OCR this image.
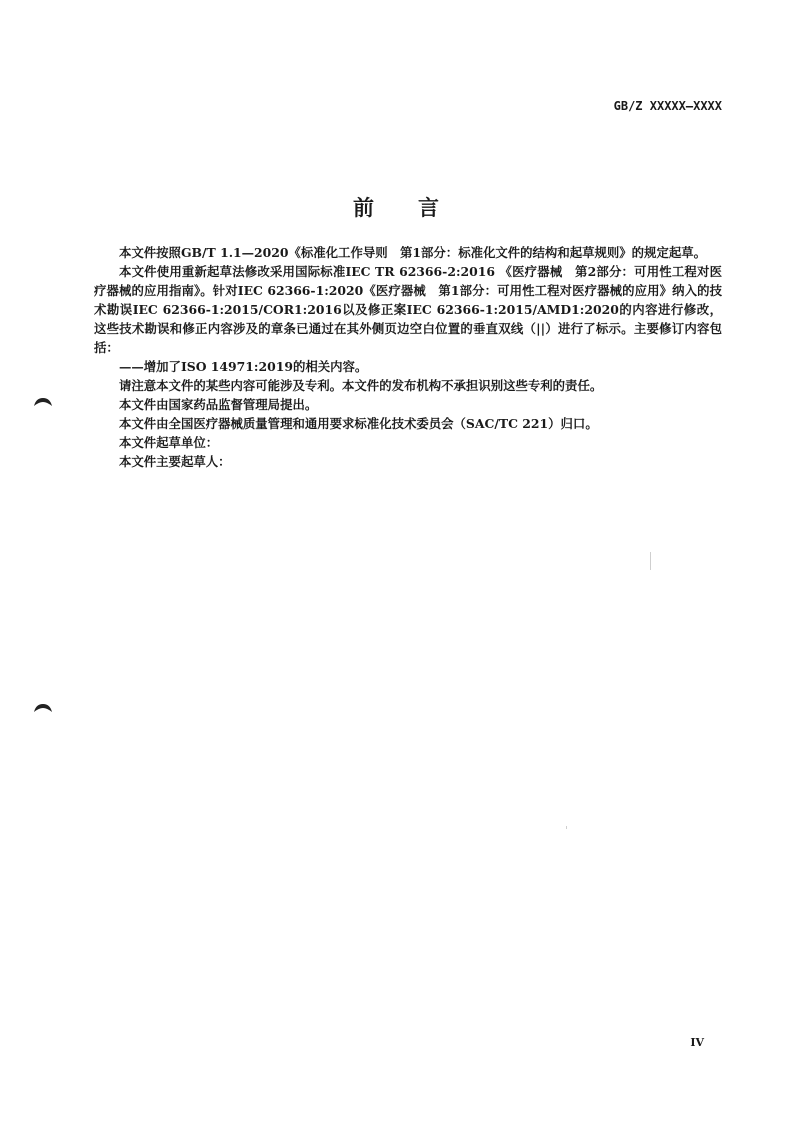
GB/Z XXXXX—XXXX
前 言

本文件按照GB/T 1.1—2020《标准化工作导则　第1部分：标准化文件的结构和起草规则》的规定起草。

本文件使用重新起草法修改采用国际标准IEC TR 62366-2:2016 《医疗器械　第2部分：可用性工程对医疗器械的应用指南》。针对IEC 62366-1:2020《医疗器械　第1部分：可用性工程对医疗器械的应用》纳入的技术勘误IEC 62366-1:2015/COR1:2016以及修正案IEC 62366-1:2015/AMD1:2020的内容进行修改，这些技术勘误和修正内容涉及的章条已通过在其外侧页边空白位置的垂直双线（||）进行了标示。主要修订内容包括：

——增加了ISO 14971:2019的相关内容。

请注意本文件的某些内容可能涉及专利。本文件的发布机构不承担识别这些专利的责任。

本文件由国家药品监督管理局提出。

本文件由全国医疗器械质量管理和通用要求标准化技术委员会（SAC/TC 221）归口。

本文件起草单位：

本文件主要起草人：

IV
